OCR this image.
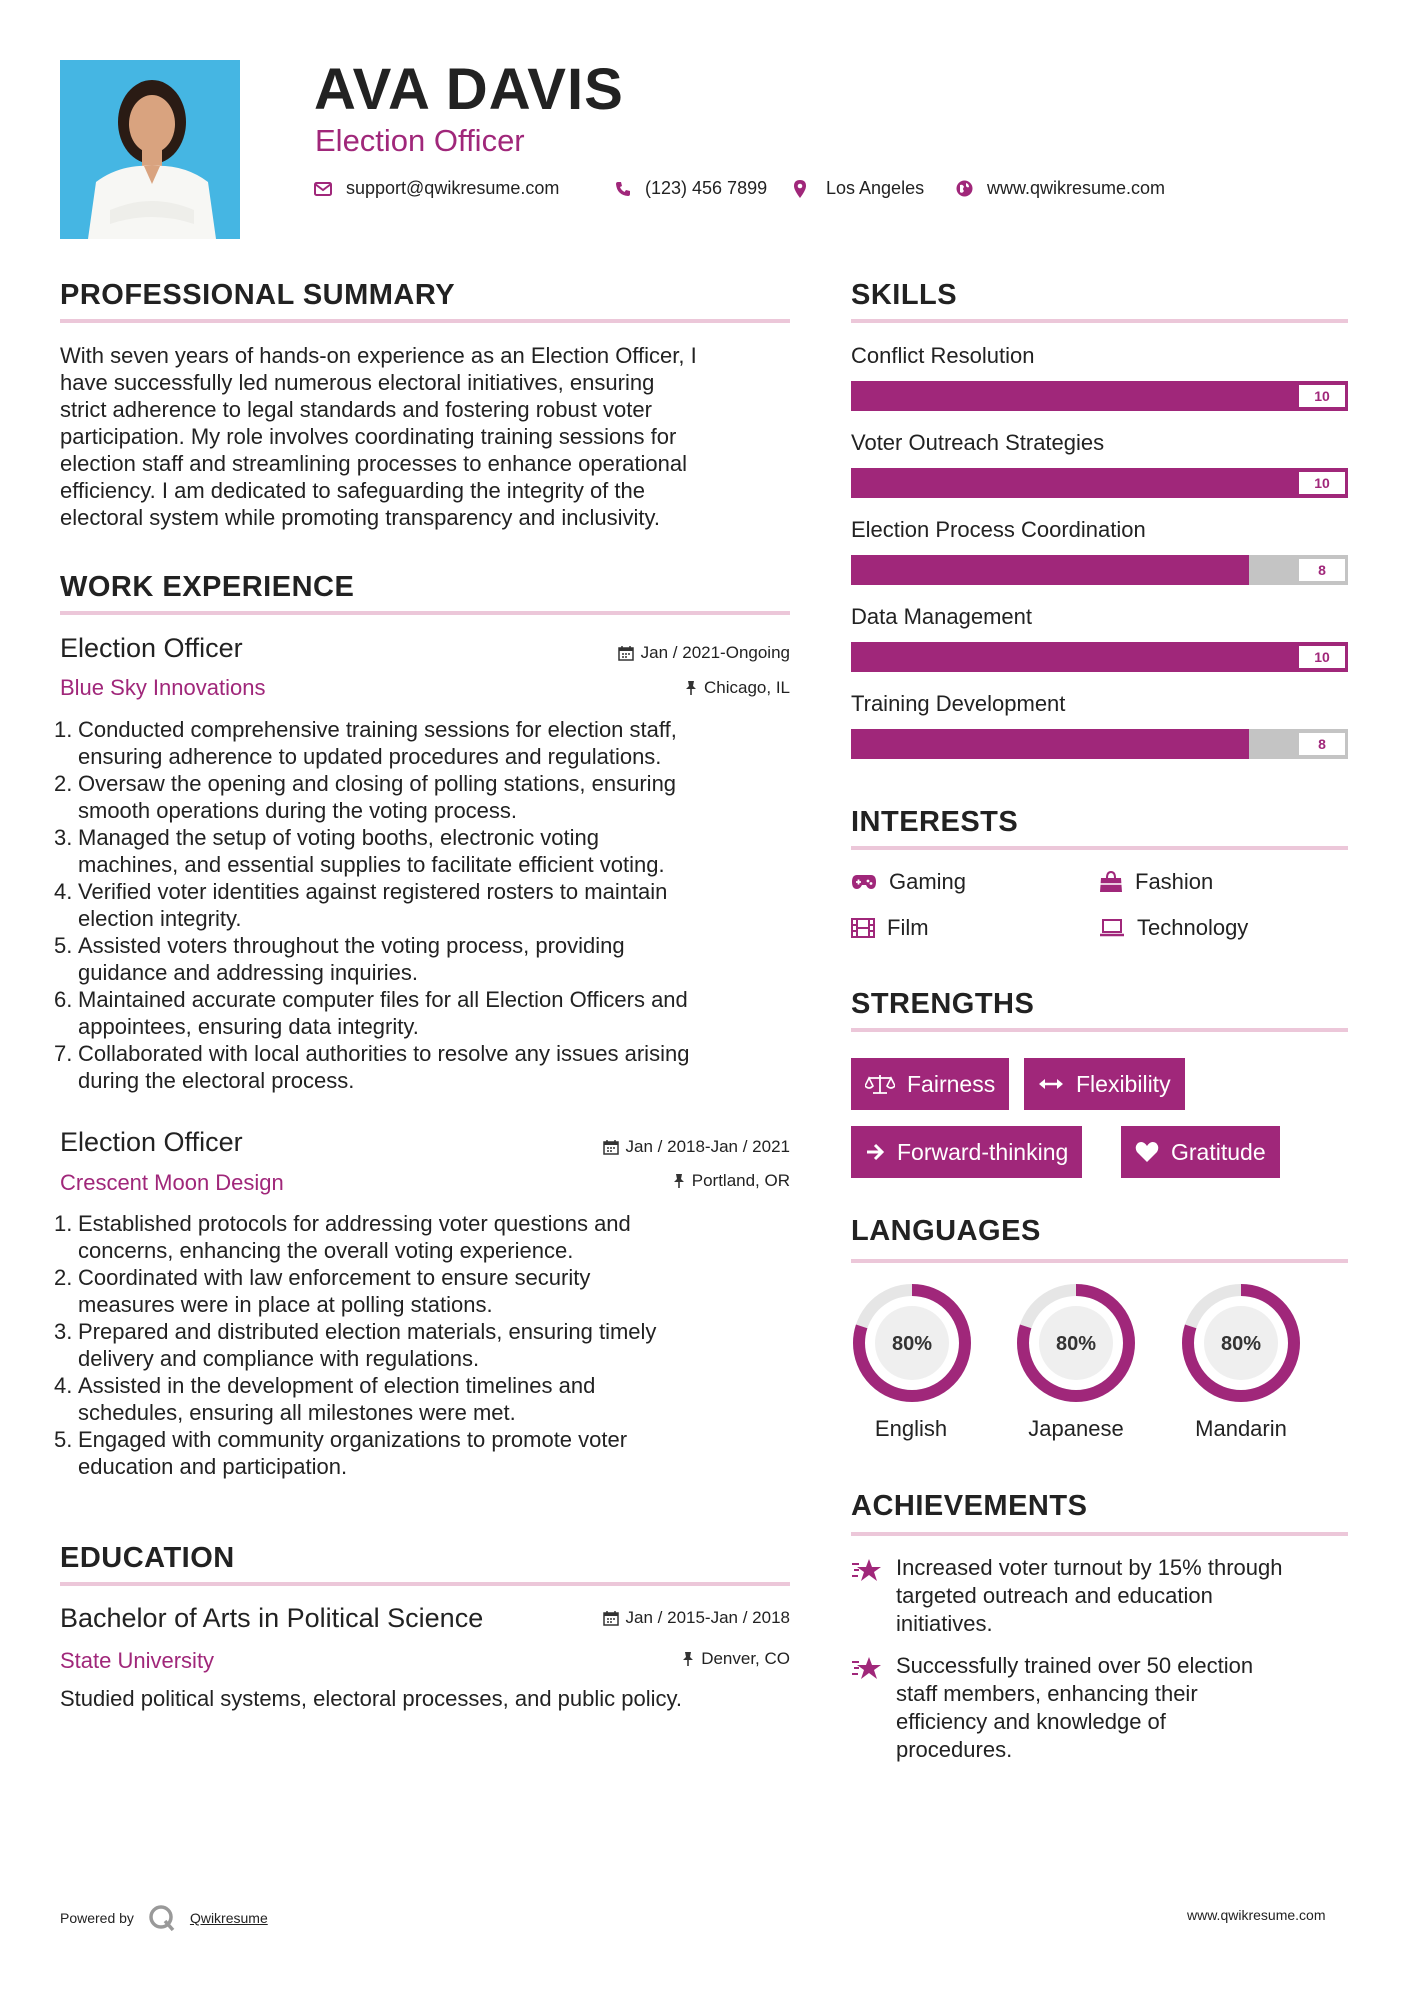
AVA DAVIS
Election Officer
support@qwikresume.com	(123) 456 7899	Los Angeles	www.qwikresume.com
PROFESSIONAL SUMMARY
With seven years of hands-on experience as an Election Officer, I
have successfully led numerous electoral initiatives, ensuring
strict adherence to legal standards and fostering robust voter
participation. My role involves coordinating training sessions for
election staff and streamlining processes to enhance operational
efficiency. I am dedicated to safeguarding the integrity of the
electoral system while promoting transparency and inclusivity.
WORK EXPERIENCE
Election Officer
Blue Sky Innovations
Jan / 2021-Ongoing
Chicago, IL
1. Conducted comprehensive training sessions for election staff,
ensuring adherence to updated procedures and regulations.
2. Oversaw the opening and closing of polling stations, ensuring
smooth operations during the voting process.
3. Managed the setup of voting booths, electronic voting
machines, and essential supplies to facilitate efficient voting.
4. Verified voter identities against registered rosters to maintain
election integrity.
5. Assisted voters throughout the voting process, providing
guidance and addressing inquiries.
6. Maintained accurate computer files for all Election Officers and
appointees, ensuring data integrity.
7. Collaborated with local authorities to resolve any issues arising
during the electoral process.
Election Officer
Crescent Moon Design
Jan / 2018-Jan / 2021
Portland, OR
1. Established protocols for addressing voter questions and
concerns, enhancing the overall voting experience.
2. Coordinated with law enforcement to ensure security
measures were in place at polling stations.
3. Prepared and distributed election materials, ensuring timely
delivery and compliance with regulations.
4. Assisted in the development of election timelines and
schedules, ensuring all milestones were met.
5. Engaged with community organizations to promote voter
education and participation.
EDUCATION
Bachelor of Arts in Political Science
State University
Jan / 2015-Jan / 2018
Denver, CO
Studied political systems, electoral processes, and public policy.
SKILLS
Conflict Resolution
10
Voter Outreach Strategies
10
Election Process Coordination
8
Data Management
10
Training Development
8
INTERESTS
Gaming	Fashion
Film	Technology
STRENGTHS
Fairness	Flexibility
Forward-thinking	Gratitude
LANGUAGES
80%
English
80%
Japanese
80%
Mandarin
ACHIEVEMENTS
Increased voter turnout by 15% through
targeted outreach and education
initiatives.
Successfully trained over 50 election
staff members, enhancing their
efficiency and knowledge of
procedures.
Powered by	Qwikresume	www.qwikresume.com
